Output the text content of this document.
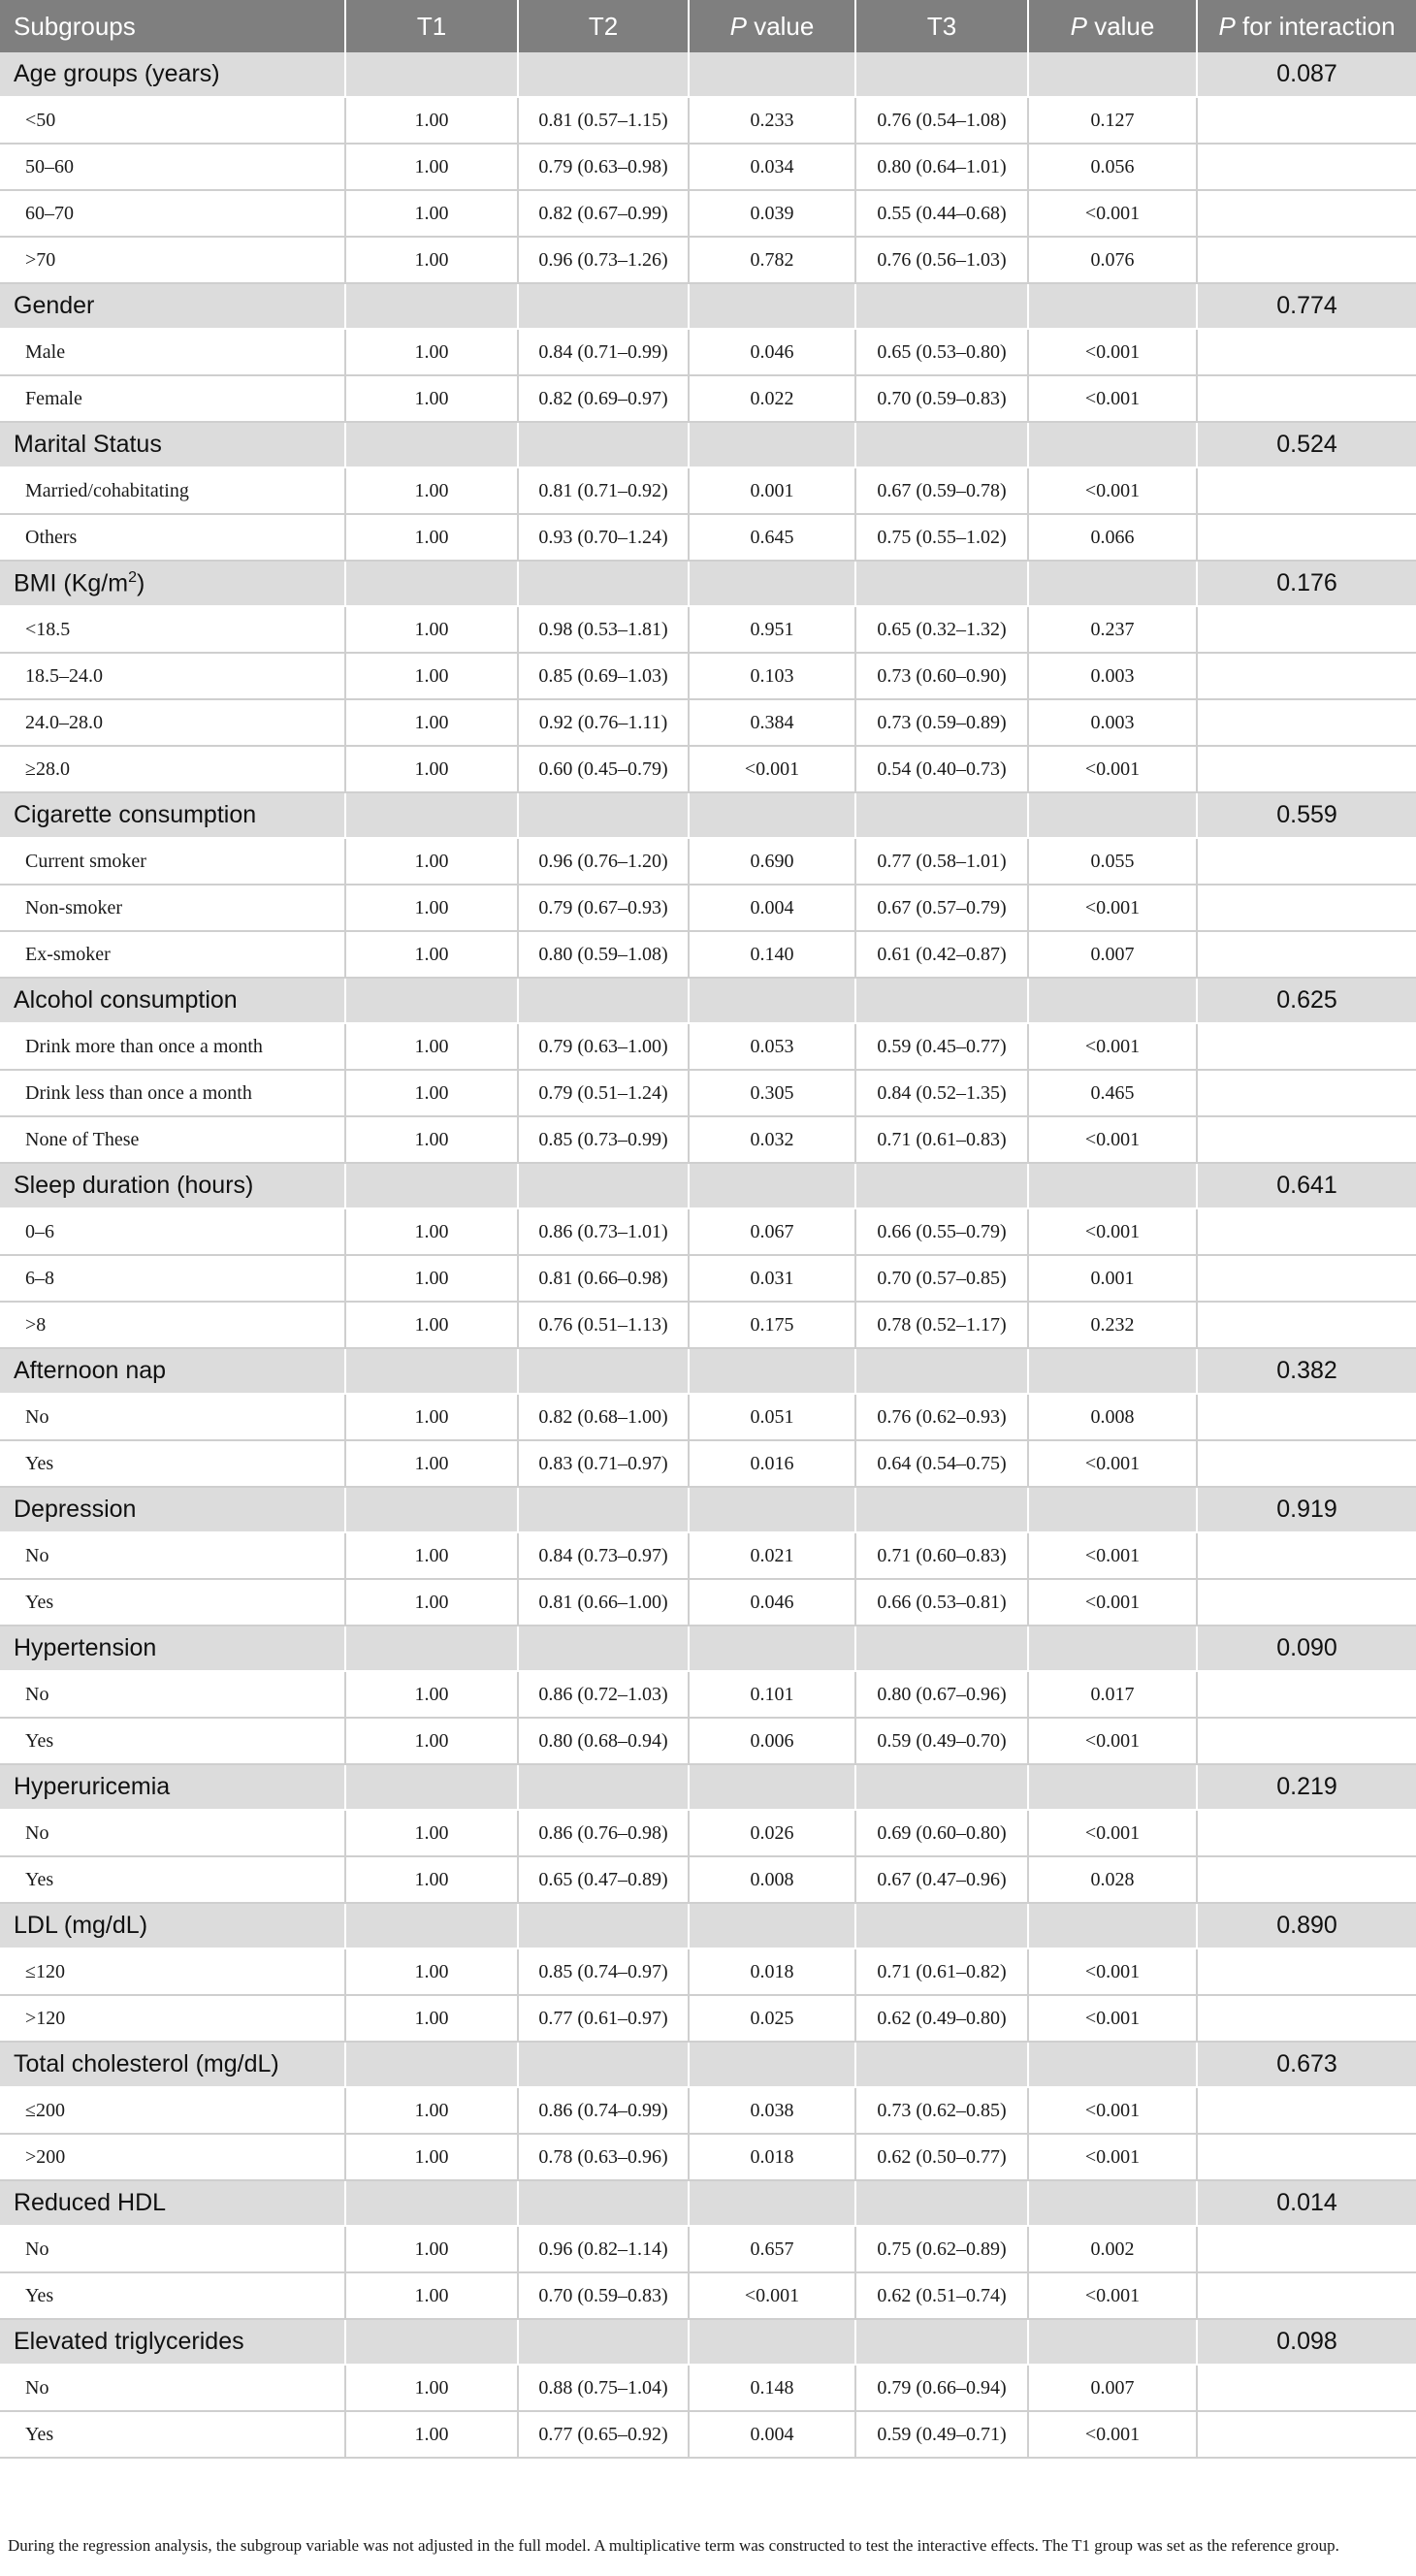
Subgroups	T1	T2	P value	T3	P value	P for interaction
Age groups (years)						0.087
<50	1.00	0.81 (0.57–1.15)	0.233	0.76 (0.54–1.08)	0.127	
50–60	1.00	0.79 (0.63–0.98)	0.034	0.80 (0.64–1.01)	0.056	
60–70	1.00	0.82 (0.67–0.99)	0.039	0.55 (0.44–0.68)	<0.001	
>70	1.00	0.96 (0.73–1.26)	0.782	0.76 (0.56–1.03)	0.076	
Gender						0.774
Male	1.00	0.84 (0.71–0.99)	0.046	0.65 (0.53–0.80)	<0.001	
Female	1.00	0.82 (0.69–0.97)	0.022	0.70 (0.59–0.83)	<0.001	
Marital Status						0.524
Married/cohabitating	1.00	0.81 (0.71–0.92)	0.001	0.67 (0.59–0.78)	<0.001	
Others	1.00	0.93 (0.70–1.24)	0.645	0.75 (0.55–1.02)	0.066	
BMI $(Kg/m^2)$						0.176
<18.5	1.00	0.98 (0.53–1.81)	0.951	0.65 (0.32–1.32)	0.237	
18.5–24.0	1.00	0.85 (0.69–1.03)	0.103	0.73 (0.60–0.90)	0.003	
24.0–28.0	1.00	0.92 (0.76–1.11)	0.384	0.73 (0.59–0.89)	0.003	
≥28.0	1.00	0.60 (0.45–0.79)	<0.001	0.54 (0.40–0.73)	<0.001	
Cigarette consumption						0.559
Current smoker	1.00	0.96 (0.76–1.20)	0.690	0.77 (0.58–1.01)	0.055	
Non-smoker	1.00	0.79 (0.67–0.93)	0.004	0.67 (0.57–0.79)	<0.001	
Ex-smoker	1.00	0.80 (0.59–1.08)	0.140	0.61 (0.42–0.87)	0.007	
Alcohol consumption						0.625
Drink more than once a month	1.00	0.79 (0.63–1.00)	0.053	0.59 (0.45–0.77)	<0.001	
Drink less than once a month	1.00	0.79 (0.51–1.24)	0.305	0.84 (0.52–1.35)	0.465	
None of These	1.00	0.85 (0.73–0.99)	0.032	0.71 (0.61–0.83)	<0.001	
Sleep duration (hours)						0.641
0–6	1.00	0.86 (0.73–1.01)	0.067	0.66 (0.55–0.79)	<0.001	
6–8	1.00	0.81 (0.66–0.98)	0.031	0.70 (0.57–0.85)	0.001	
>8	1.00	0.76 (0.51–1.13)	0.175	0.78 (0.52–1.17)	0.232	
Afternoon nap						0.382
No	1.00	0.82 (0.68–1.00)	0.051	0.76 (0.62–0.93)	0.008	
Yes	1.00	0.83 (0.71–0.97)	0.016	0.64 (0.54–0.75)	<0.001	
Depression						0.919
No	1.00	0.84 (0.73–0.97)	0.021	0.71 (0.60–0.83)	<0.001	
Yes	1.00	0.81 (0.66–1.00)	0.046	0.66 (0.53–0.81)	<0.001	
Hypertension						0.090
No	1.00	0.86 (0.72–1.03)	0.101	0.80 (0.67–0.96)	0.017	
Yes	1.00	0.80 (0.68–0.94)	0.006	0.59 (0.49–0.70)	<0.001	
Hyperuricemia						0.219
No	1.00	0.86 (0.76–0.98)	0.026	0.69 (0.60–0.80)	<0.001	
Yes	1.00	0.65 (0.47–0.89)	0.008	0.67 (0.47–0.96)	0.028	
LDL (mg/dL)						0.890
≤120	1.00	0.85 (0.74–0.97)	0.018	0.71 (0.61–0.82)	<0.001	
>120	1.00	0.77 (0.61–0.97)	0.025	0.62 (0.49–0.80)	<0.001	
Total cholesterol (mg/dL)						0.673
≤200	1.00	0.86 (0.74–0.99)	0.038	0.73 (0.62–0.85)	<0.001	
>200	1.00	0.78 (0.63–0.96)	0.018	0.62 (0.50–0.77)	<0.001	
Reduced HDL						0.014
No	1.00	0.96 (0.82–1.14)	0.657	0.75 (0.62–0.89)	0.002	
Yes	1.00	0.70 (0.59–0.83)	<0.001	0.62 (0.51–0.74)	<0.001	
Elevated triglycerides						0.098
No	1.00	0.88 (0.75–1.04)	0.148	0.79 (0.66–0.94)	0.007	
Yes	1.00	0.77 (0.65–0.92)	0.004	0.59 (0.49–0.71)	<0.001	
During the regression analysis, the subgroup variable was not adjusted in the full model. A multiplicative term was constructed to test the interactive effects. The T1 group was set as the reference group.
